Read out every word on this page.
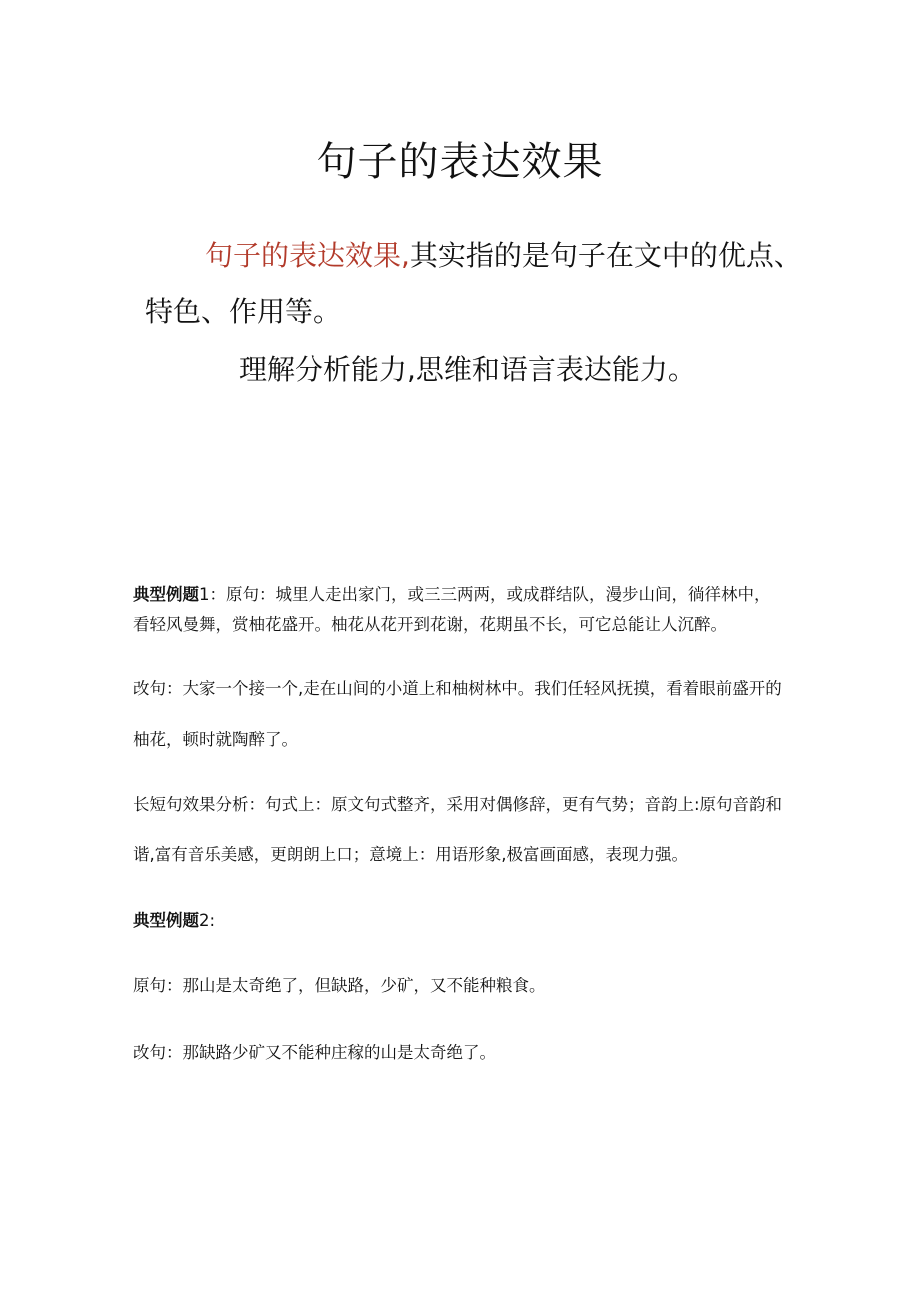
句子的表达效果
句子的表达效果,其实指的是句子在文中的优点、
特色、作用等。
理解分析能力,思维和语言表达能力。
典型例题1：原句：城里人走出家门，或三三两两，或成群结队，漫步山间，徜徉林中，
看轻风曼舞，赏柚花盛开。柚花从花开到花谢，花期虽不长，可它总能让人沉醉。
改句：大家一个接一个,走在山间的小道上和柚树林中。我们任轻风抚摸，看着眼前盛开的
柚花，顿时就陶醉了。
长短句效果分析：句式上：原文句式整齐，采用对偶修辞，更有气势；音韵上:原句音韵和
谐,富有音乐美感，更朗朗上口；意境上：用语形象,极富画面感，表现力强。
典型例题2:
原句：那山是太奇绝了，但缺路，少矿，又不能种粮食。
改句：那缺路少矿又不能种庄稼的山是太奇绝了。
